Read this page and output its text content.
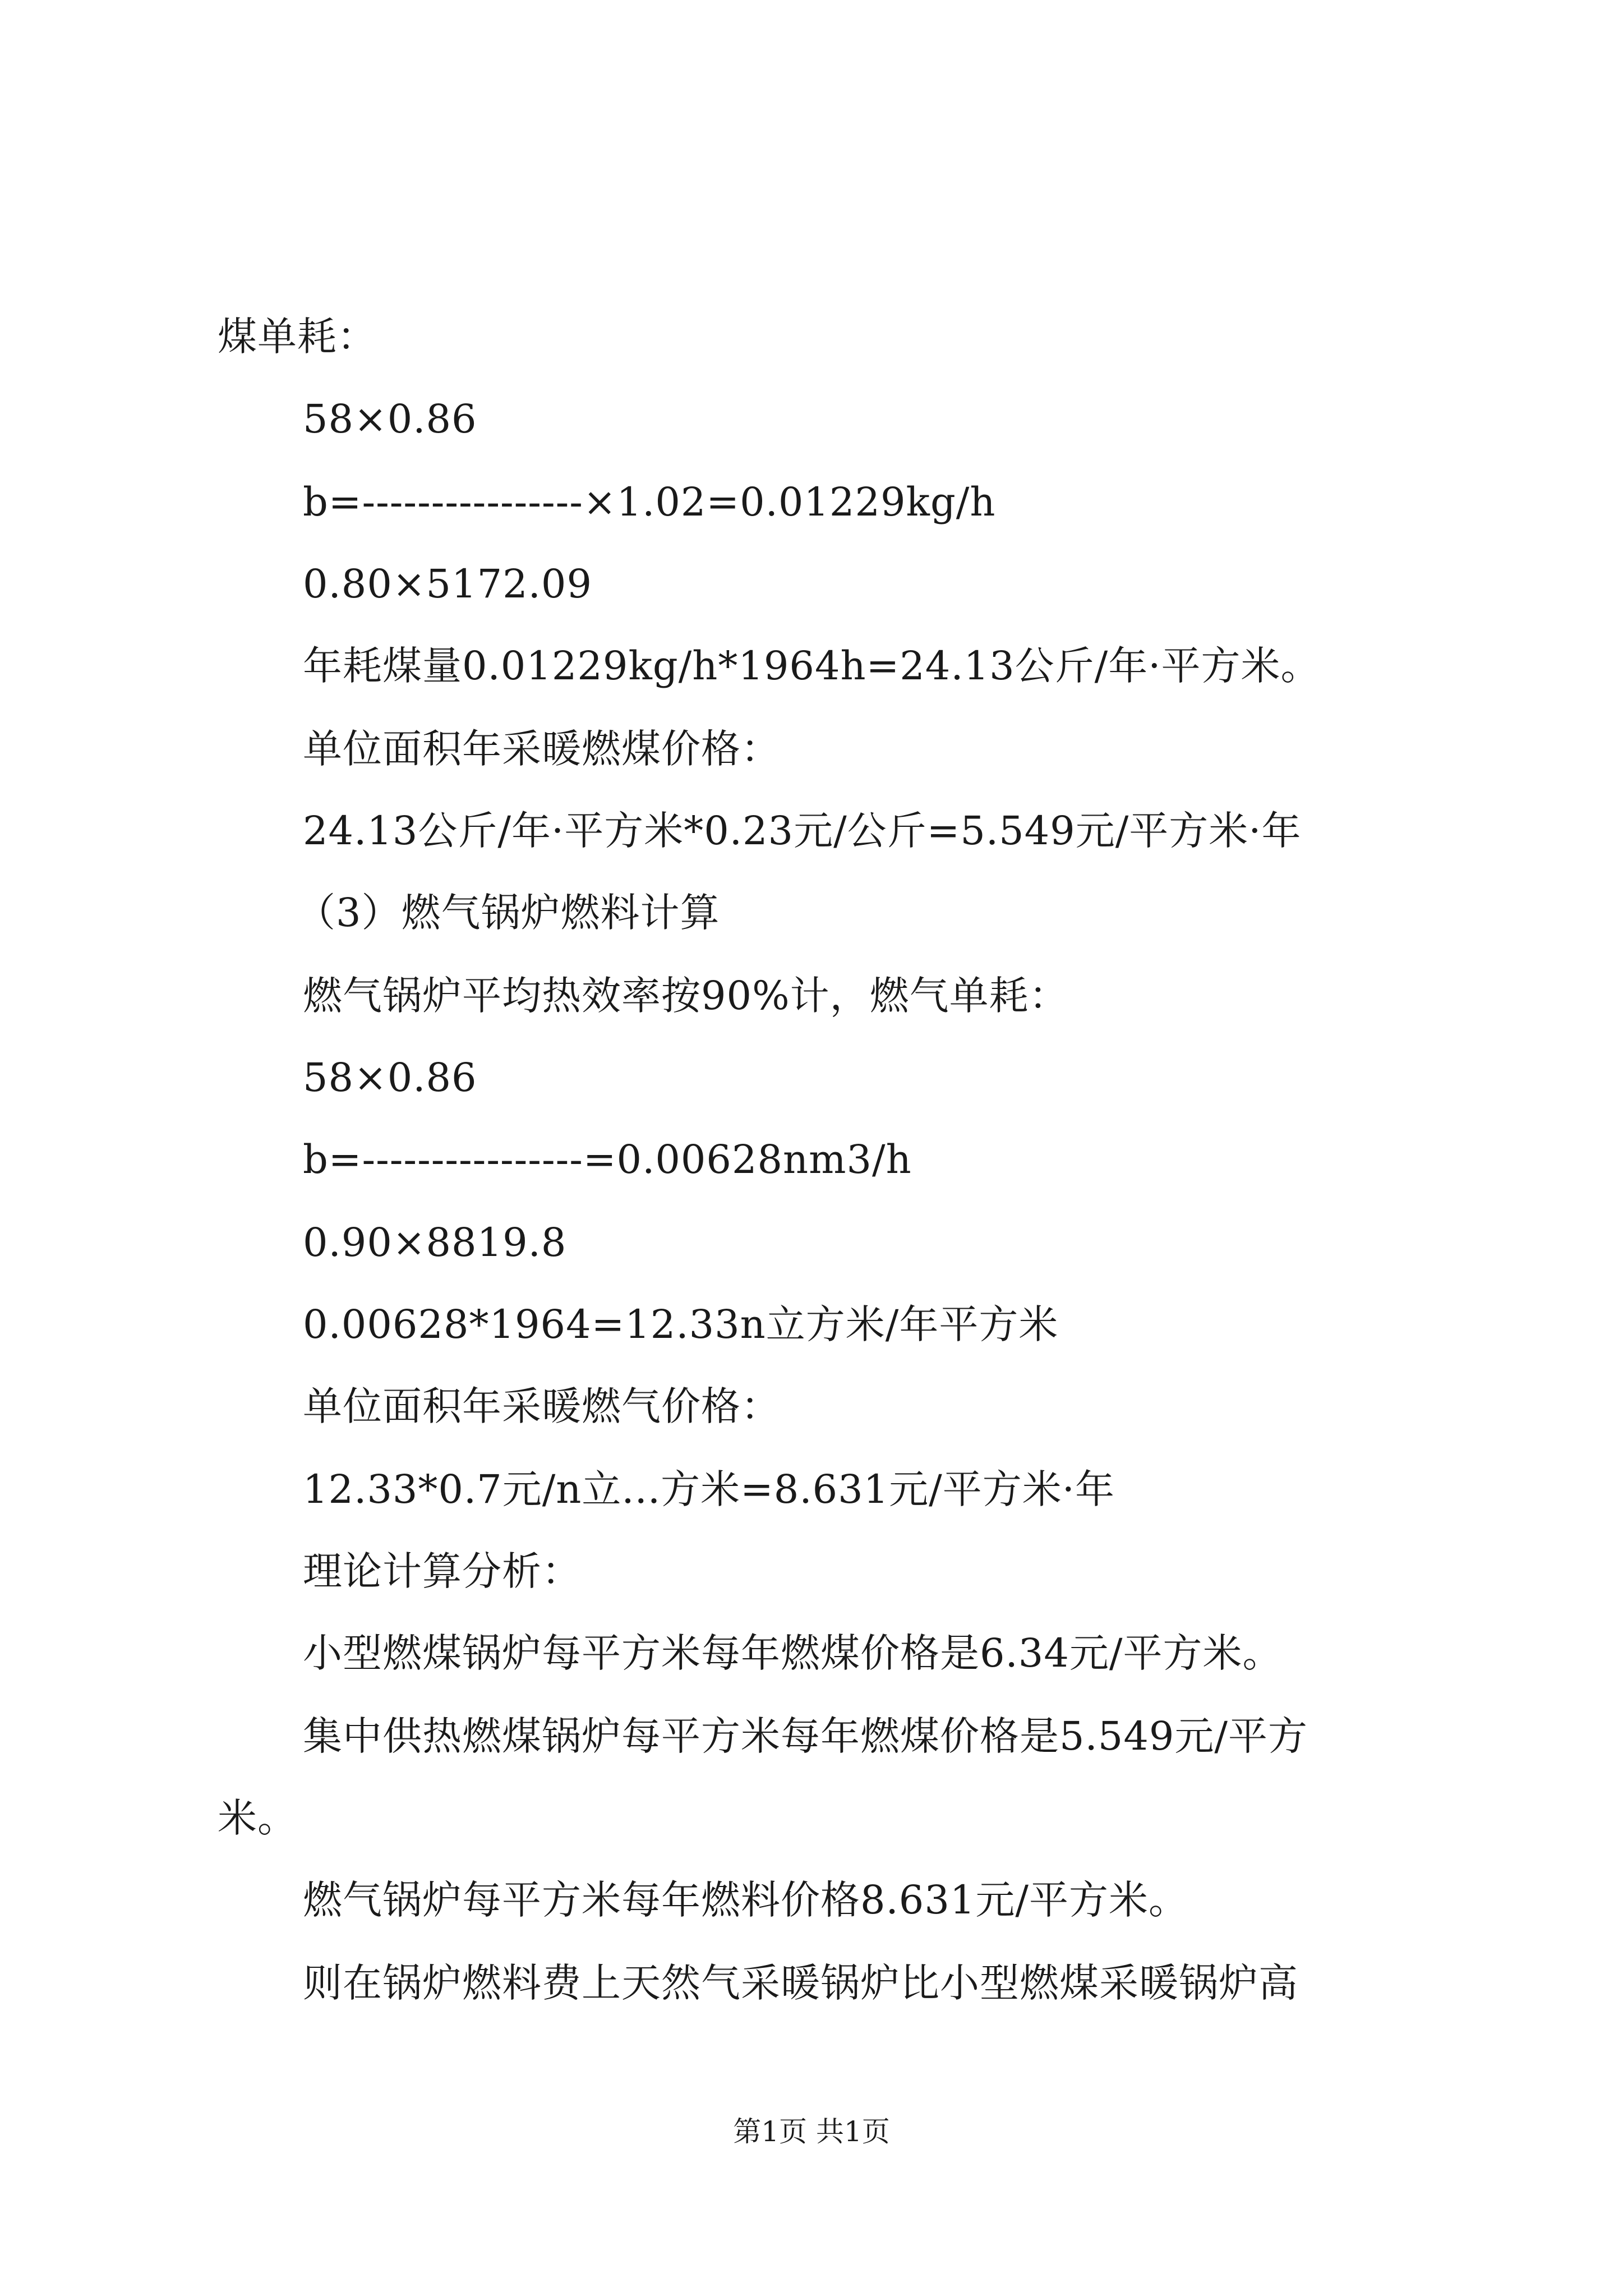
煤单耗：
58×0.86
b=----------------×1.02=0.01229kg/h
0.80×5172.09
年耗煤量0.01229kg/h*1964h=24.13公斤/年·平方米。
单位面积年采暖燃煤价格：
24.13公斤/年·平方米*0.23元/公斤=5.549元/平方米·年
（3）燃气锅炉燃料计算
燃气锅炉平均热效率按90%计，燃气单耗：
58×0.86
b=----------------=0.00628nm3/h
0.90×8819.8
0.00628*1964=12.33n立方米/年平方米
单位面积年采暖燃气价格：
12.33*0.7元/n立...方米=8.631元/平方米·年
理论计算分析：
小型燃煤锅炉每平方米每年燃煤价格是6.34元/平方米。
集中供热燃煤锅炉每平方米每年燃煤价格是5.549元/平方
米。
燃气锅炉每平方米每年燃料价格8.631元/平方米。
则在锅炉燃料费上天然气采暖锅炉比小型燃煤采暖锅炉高
第1页 共1页
